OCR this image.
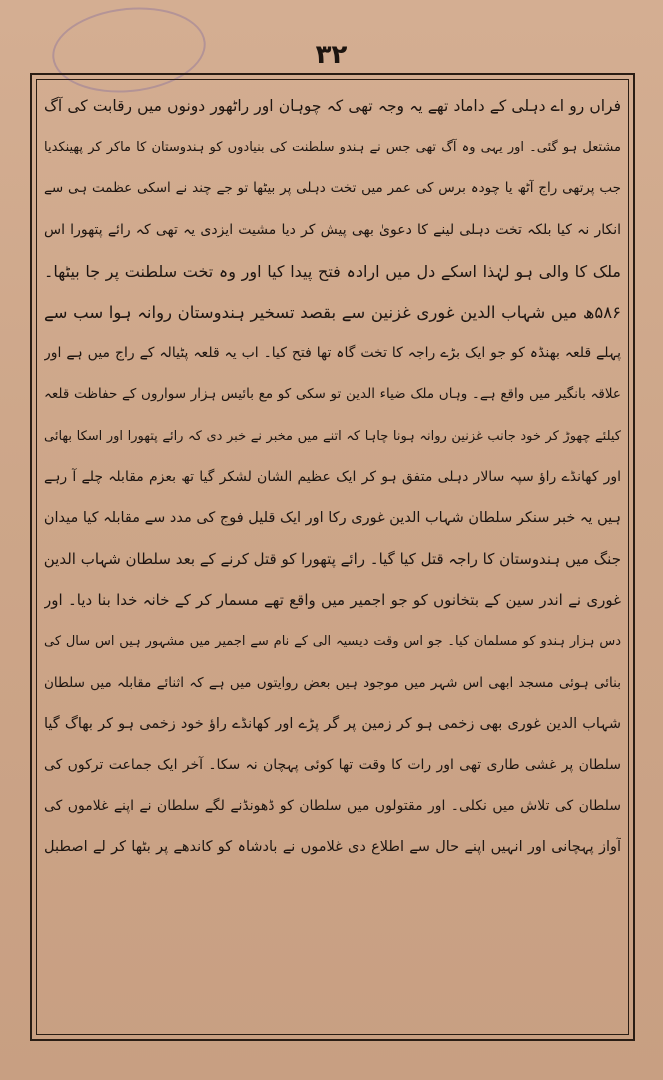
۳۲
فراں رو اے دہلی کے داماد تھے یہ وجہ تھی کہ چوہان اور راٹھور دونوں میں رقابت کی آگ
مشتعل ہو گئی۔ اور یہی وہ آگ تھی جس نے ہندو سلطنت کی بنیادوں کو ہندوستان کا ماکر کر پھینکدیا
جب پرتھی راج آٹھ یا چودہ برس کی عمر میں تخت دہلی پر بیٹھا تو جے چند نے اسکی عظمت ہی سے
انکار نہ کیا بلکہ تخت دہلی لینے کا دعویٰ بھی پیش کر دیا مشیت ایزدی یہ تھی کہ رائے پتھورا اس
ملک کا والی ہو لہٰذا اسکے دل میں ارادہ فتح پیدا کیا اور وہ تخت سلطنت پر جا بیٹھا۔
۵۸۶ھ میں شہاب الدین غوری غزنین سے بقصد تسخیر ہندوستان روانہ ہوا سب سے
پہلے قلعہ بھنڈہ کو جو ایک بڑے راجہ کا تخت گاہ تھا فتح کیا۔ اب یہ قلعہ پٹیالہ کے راج میں ہے اور
علاقہ بانگیر میں واقع ہے۔ وہاں ملک ضیاء الدین تو سکی کو مع بائیس ہزار سواروں کے حفاظت قلعہ
کیلئے چھوڑ کر خود جانب غزنین روانہ ہونا چاہا کہ اتنے میں مخبر نے خبر دی کہ رائے پتھورا اور اسکا بھائی
اور کھانڈے راؤ سپہ سالار دہلی متفق ہو کر ایک عظیم الشان لشکر گیا تھ بعزم مقابلہ چلے آ رہے
ہیں یہ خبر سنکر سلطان شہاب الدین غوری رکا اور ایک قلیل فوج کی مدد سے مقابلہ کیا میدان
جنگ میں ہندوستان کا راجہ قتل کیا گیا۔ رائے پتھورا کو قتل کرنے کے بعد سلطان شہاب الدین
غوری نے اندر سین کے بتخانوں کو جو اجمیر میں واقع تھے مسمار کر کے خانہ خدا بنا دیا۔ اور
دس ہزار ہندو کو مسلمان کیا۔ جو اس وقت دیسیہ الی کے نام سے اجمیر میں مشہور ہیں اس سال کی
بنائی ہوئی مسجد ابھی اس شہر میں موجود ہیں بعض روایتوں میں ہے کہ اثنائے مقابلہ میں سلطان
شہاب الدین غوری بھی زخمی ہو کر زمین پر گر پڑے اور کھانڈے راؤ خود زخمی ہو کر بھاگ گیا
سلطان پر غشی طاری تھی اور رات کا وقت تھا کوئی پہچان نہ سکا۔ آخر ایک جماعت ترکوں کی
سلطان کی تلاش میں نکلی۔ اور مقتولوں میں سلطان کو ڈھونڈنے لگے سلطان نے اپنے غلاموں کی
آواز پہچانی اور انہیں اپنے حال سے اطلاع دی غلاموں نے بادشاہ کو کاندھے پر بٹھا کر لے اصطبل
